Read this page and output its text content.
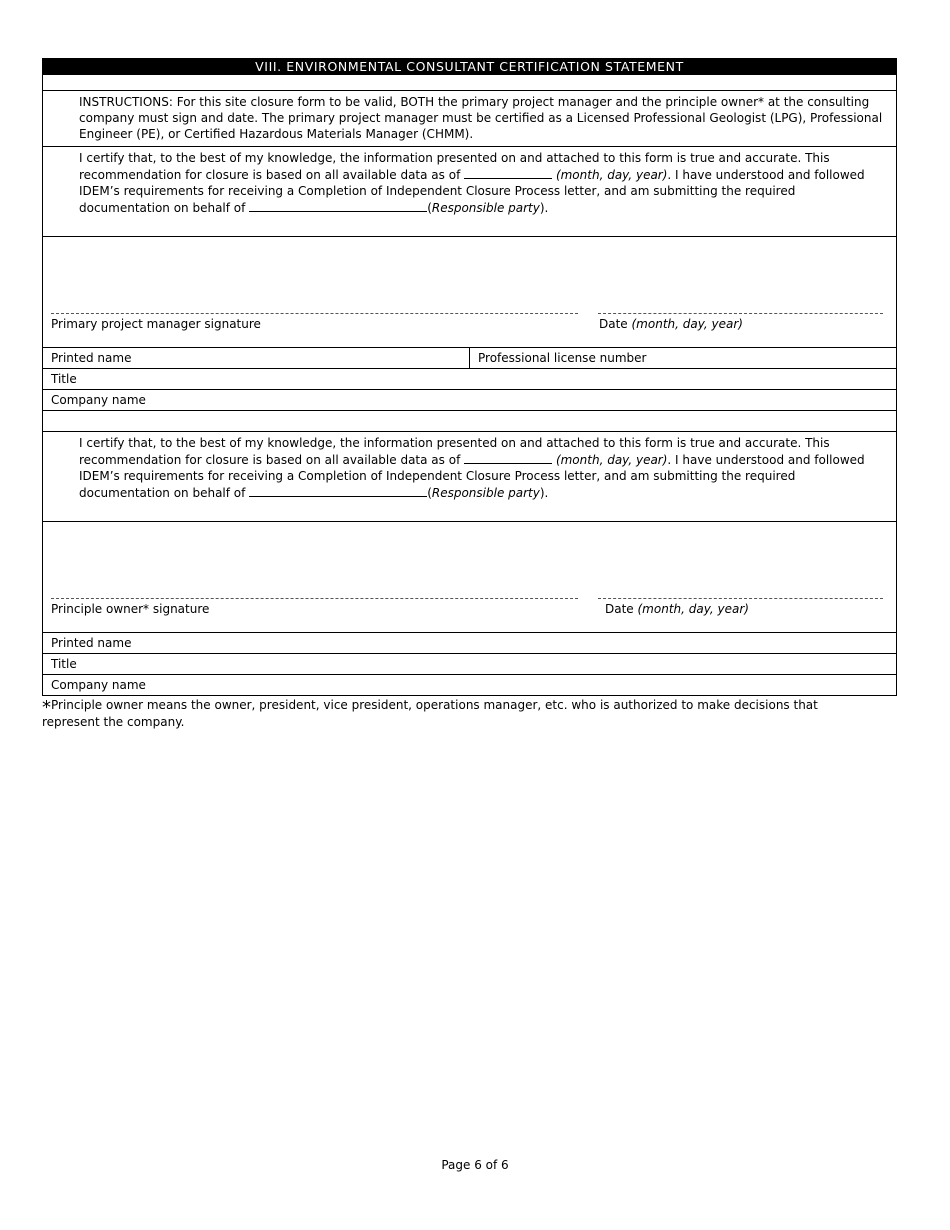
VIII. ENVIRONMENTAL CONSULTANT CERTIFICATION STATEMENT
INSTRUCTIONS: For this site closure form to be valid, BOTH the primary project manager and the principle owner* at the consulting company must sign and date. The primary project manager must be certified as a Licensed Professional Geologist (LPG), Professional Engineer (PE), or Certified Hazardous Materials Manager (CHMM).
I certify that, to the best of my knowledge, the information presented on and attached to this form is true and accurate. This recommendation for closure is based on all available data as of	(month, day, year). I have understood and followed IDEM’s requirements for receiving a Completion of Independent Closure Process letter, and am submitting the required documentation on behalf of	(Responsible party).
Primary project manager signature	Date (month, day, year)
Printed name	Professional license number
Title
Company name
I certify that, to the best of my knowledge, the information presented on and attached to this form is true and accurate. This recommendation for closure is based on all available data as of	(month, day, year). I have understood and followed IDEM’s requirements for receiving a Completion of Independent Closure Process letter, and am submitting the required documentation on behalf of	(Responsible party).
Principle owner* signature	Date (month, day, year)
Printed name
Title
Company name
*Principle owner means the owner, president, vice president, operations manager, etc. who is authorized to make decisions that represent the company.
Page 6 of 6
